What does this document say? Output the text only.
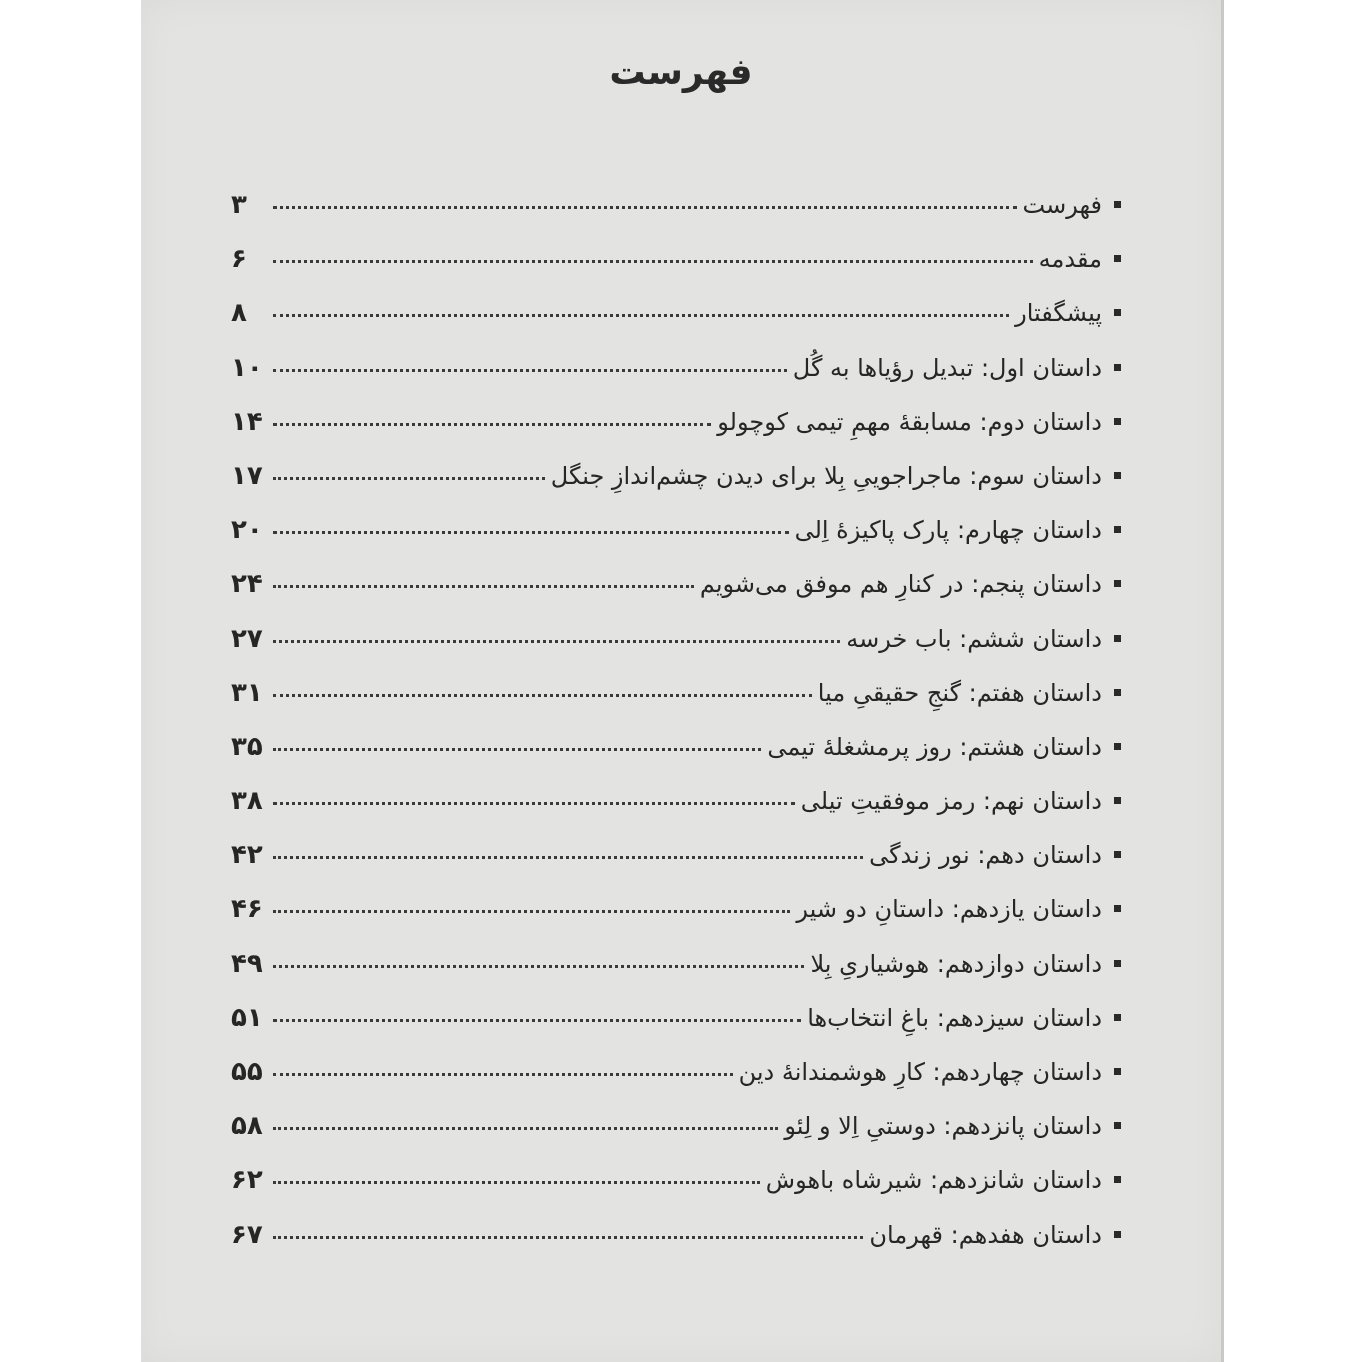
فهرست
فهرست
۳
مقدمه
۶
پیشگفتار
۸
داستان اول: تبدیل رؤیاها به گُل
۱۰
داستان دوم: مسابقهٔ مهمِ تیمی کوچولو
۱۴
داستان سوم: ماجراجوییِ بِلا برای دیدن چشم‌اندازِ جنگل
۱۷
داستان چهارم: پارک پاکیزهٔ اِلی
۲۰
داستان پنجم: در کنارِ هم موفق می‌شویم
۲۴
داستان ششم: باب خرسه
۲۷
داستان هفتم: گنجِ حقیقیِ میا
۳۱
داستان هشتم: روز پرمشغلهٔ تیمی
۳۵
داستان نهم: رمز موفقیتِ تیلی
۳۸
داستان دهم: نور زندگی
۴۲
داستان یازدهم: داستانِ دو شیر
۴۶
داستان دوازدهم: هوشیاریِ بِلا
۴۹
داستان سیزدهم: باغِ انتخاب‌ها
۵۱
داستان چهاردهم: کارِ هوشمندانهٔ دین
۵۵
داستان پانزدهم: دوستیِ اِلا و لِئو
۵۸
داستان شانزدهم: شیرشاه باهوش
۶۲
داستان هفدهم: قهرمان
۶۷
